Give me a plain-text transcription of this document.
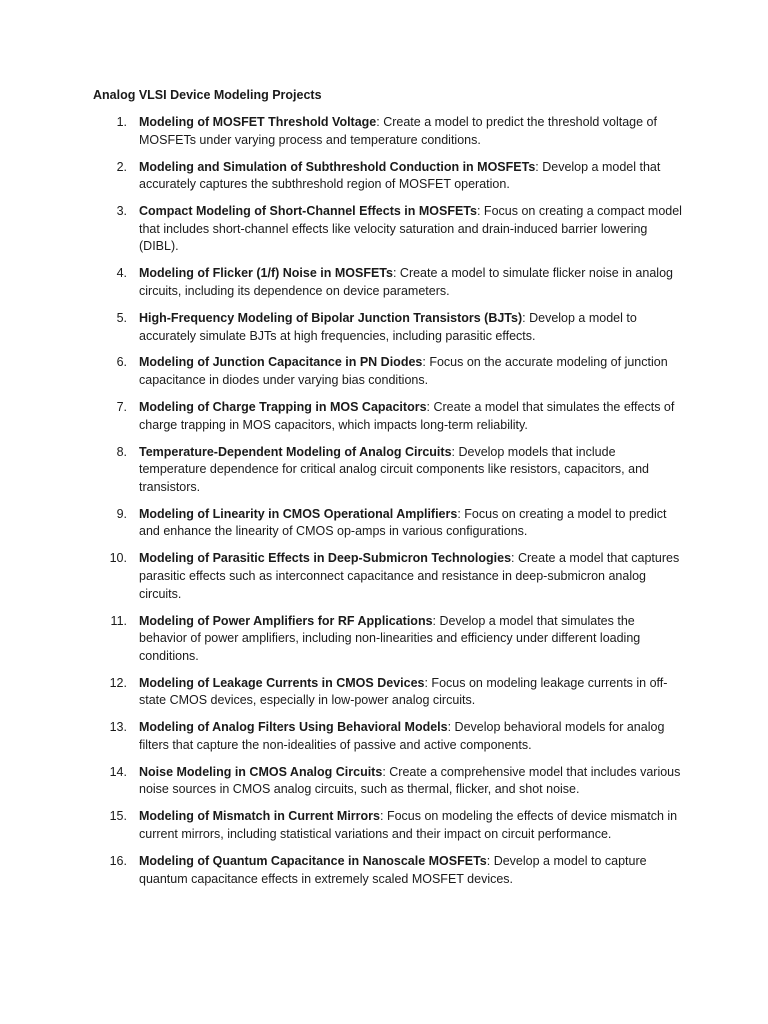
Analog VLSI Device Modeling Projects
1. Modeling of MOSFET Threshold Voltage: Create a model to predict the threshold voltage of MOSFETs under varying process and temperature conditions.
2. Modeling and Simulation of Subthreshold Conduction in MOSFETs: Develop a model that accurately captures the subthreshold region of MOSFET operation.
3. Compact Modeling of Short-Channel Effects in MOSFETs: Focus on creating a compact model that includes short-channel effects like velocity saturation and drain-induced barrier lowering (DIBL).
4. Modeling of Flicker (1/f) Noise in MOSFETs: Create a model to simulate flicker noise in analog circuits, including its dependence on device parameters.
5. High-Frequency Modeling of Bipolar Junction Transistors (BJTs): Develop a model to accurately simulate BJTs at high frequencies, including parasitic effects.
6. Modeling of Junction Capacitance in PN Diodes: Focus on the accurate modeling of junction capacitance in diodes under varying bias conditions.
7. Modeling of Charge Trapping in MOS Capacitors: Create a model that simulates the effects of charge trapping in MOS capacitors, which impacts long-term reliability.
8. Temperature-Dependent Modeling of Analog Circuits: Develop models that include temperature dependence for critical analog circuit components like resistors, capacitors, and transistors.
9. Modeling of Linearity in CMOS Operational Amplifiers: Focus on creating a model to predict and enhance the linearity of CMOS op-amps in various configurations.
10. Modeling of Parasitic Effects in Deep-Submicron Technologies: Create a model that captures parasitic effects such as interconnect capacitance and resistance in deep-submicron analog circuits.
11. Modeling of Power Amplifiers for RF Applications: Develop a model that simulates the behavior of power amplifiers, including non-linearities and efficiency under different loading conditions.
12. Modeling of Leakage Currents in CMOS Devices: Focus on modeling leakage currents in off-state CMOS devices, especially in low-power analog circuits.
13. Modeling of Analog Filters Using Behavioral Models: Develop behavioral models for analog filters that capture the non-idealities of passive and active components.
14. Noise Modeling in CMOS Analog Circuits: Create a comprehensive model that includes various noise sources in CMOS analog circuits, such as thermal, flicker, and shot noise.
15. Modeling of Mismatch in Current Mirrors: Focus on modeling the effects of device mismatch in current mirrors, including statistical variations and their impact on circuit performance.
16. Modeling of Quantum Capacitance in Nanoscale MOSFETs: Develop a model to capture quantum capacitance effects in extremely scaled MOSFET devices.
